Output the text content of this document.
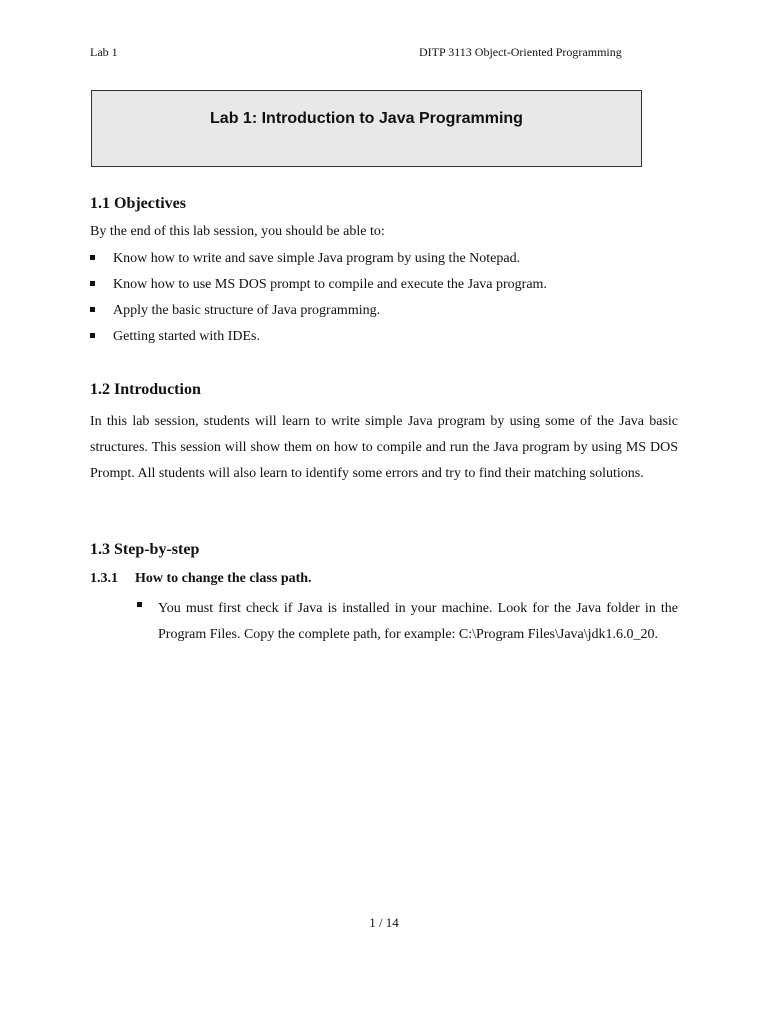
Lab 1	DITP 3113 Object-Oriented Programming
Lab 1: Introduction to Java Programming
1.1 Objectives

By the end of this lab session, you should be able to:

Know how to write and save simple Java program by using the Notepad.
Know how to use MS DOS prompt to compile and execute the Java program.
Apply the basic structure of Java programming.
Getting started with IDEs.
1.2 Introduction

In this lab session, students will learn to write simple Java program by using some of the Java basic structures. This session will show them on how to compile and run the Java program by using MS DOS Prompt. All students will also learn to identify some errors and try to find their matching solutions.

1.3 Step-by-step
1.3.1 How to change the class path.

You must first check if Java is installed in your machine. Look for the Java folder in the Program Files. Copy the complete path, for example: C:\Program Files\Java\jdk1.6.0_20.

1 / 14
